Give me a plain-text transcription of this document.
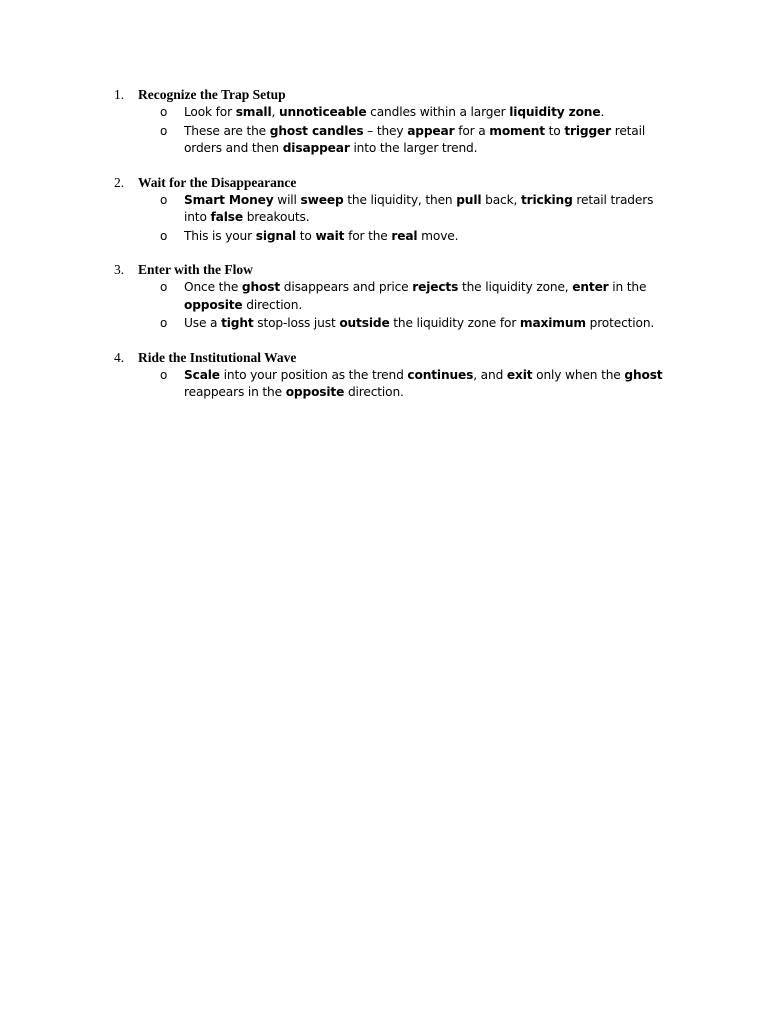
1. Recognize the Trap Setup
o Look for small, unnoticeable candles within a larger liquidity zone.
o These are the ghost candles – they appear for a moment to trigger retail orders and then disappear into the larger trend.
2. Wait for the Disappearance
o Smart Money will sweep the liquidity, then pull back, tricking retail traders into false breakouts.
o This is your signal to wait for the real move.
3. Enter with the Flow
o Once the ghost disappears and price rejects the liquidity zone, enter in the opposite direction.
o Use a tight stop-loss just outside the liquidity zone for maximum protection.
4. Ride the Institutional Wave
o Scale into your position as the trend continues, and exit only when the ghost reappears in the opposite direction.
